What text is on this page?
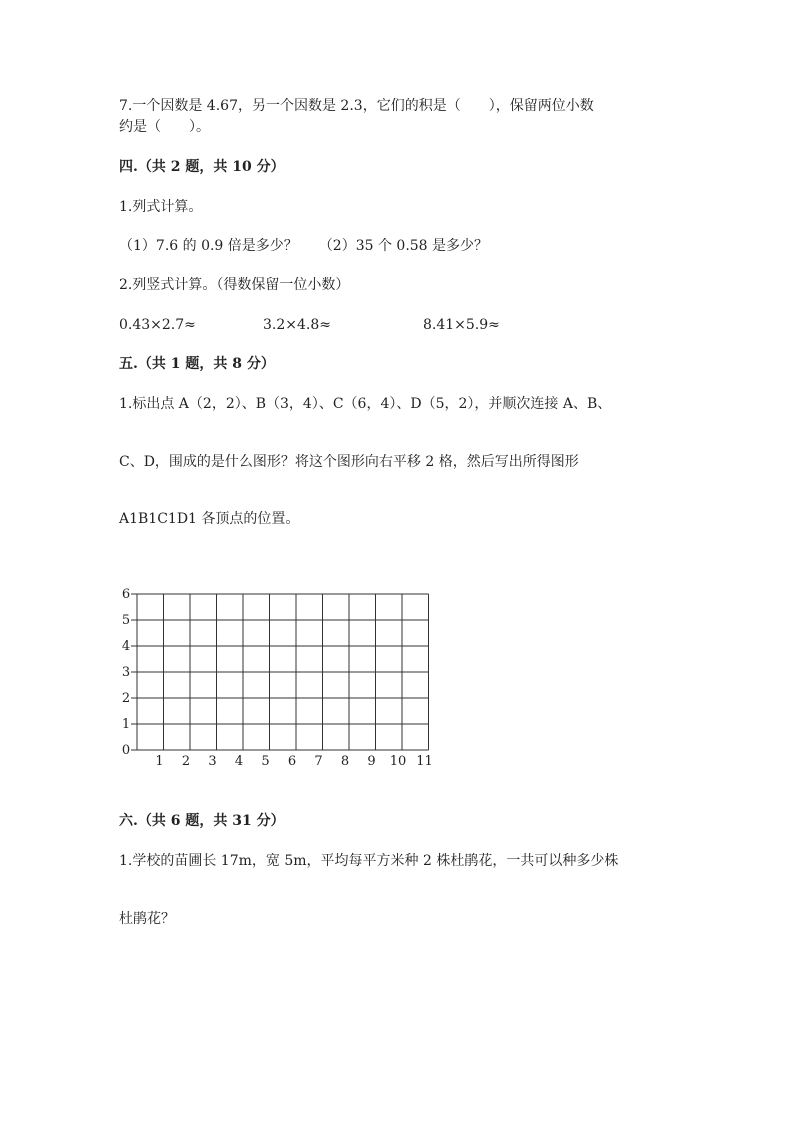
7.一个因数是 4.67，另一个因数是 2.3，它们的积是（　　），保留两位小数
约是（　　）。
四.（共 2 题，共 10 分）
1.列式计算。
（1）7.6 的 0.9 倍是多少？　　（2）35 个 0.58 是多少？
2.列竖式计算。（得数保留一位小数）
0.43×2.7≈	3.2×4.8≈	8.41×5.9≈
五.（共 1 题，共 8 分）
1.标出点 A（2，2）、B（3，4）、C（6，4）、D（5，2），并顺次连接 A、B、
C、D，围成的是什么图形？将这个图形向右平移 2 格，然后写出所得图形
A1B1C1D1 各顶点的位置。
1 2 3 4 5 6 7 8 9 10 11
0
1
2
3
4
5
6
六.（共 6 题，共 31 分）
1.学校的苗圃长 17m，宽 5m，平均每平方米种 2 株杜鹃花，一共可以种多少株
杜鹃花？
